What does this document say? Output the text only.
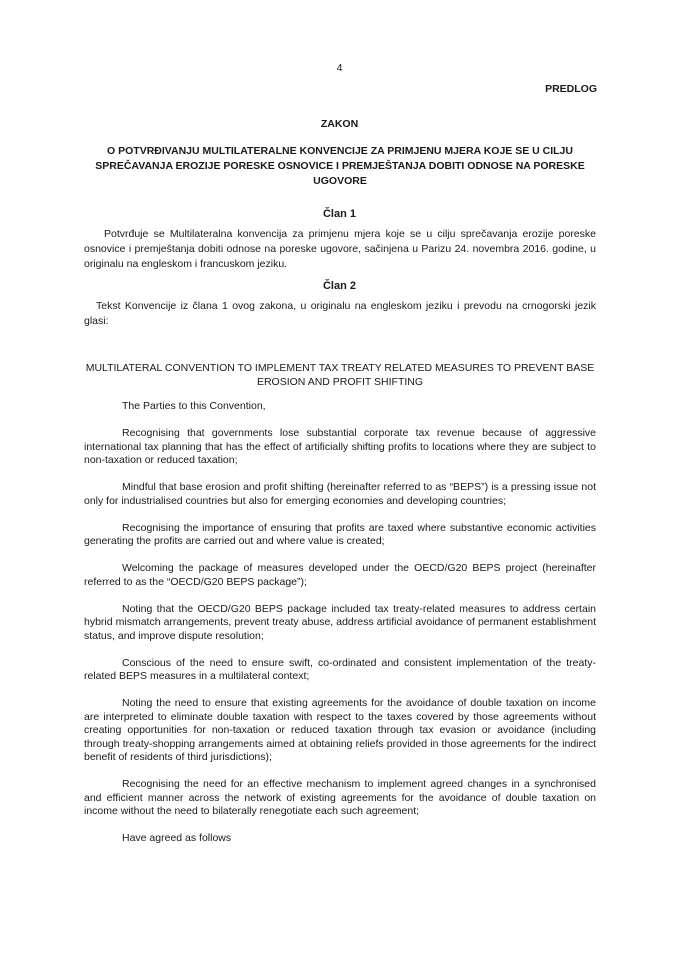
4
PREDLOG
ZAKON
O POTVRĐIVANJU MULTILATERALNE KONVENCIJE ZA PRIMJENU MJERA KOJE SE U CILJU SPREČAVANJA EROZIJE PORESKE OSNOVICE I PREMJEŠTANJA DOBITI ODNOSE NA PORESKE UGOVORE
Član 1
Potvrđuje se Multilateralna konvencija za primjenu mjera koje se u cilju sprečavanja erozije poreske osnovice i premještanja dobiti odnose na poreske ugovore, sačinjena u Parizu 24. novembra 2016. godine, u originalu na engleskom i francuskom jeziku.
Član 2
Tekst Konvencije iz člana 1 ovog zakona, u originalu na engleskom jeziku i prevodu na crnogorski jezik glasi:
MULTILATERAL CONVENTION TO IMPLEMENT TAX TREATY RELATED MEASURES TO PREVENT BASE EROSION AND PROFIT SHIFTING

The Parties to this Convention,

Recognising that governments lose substantial corporate tax revenue because of aggressive international tax planning that has the effect of artificially shifting profits to locations where they are subject to non-taxation or reduced taxation;

Mindful that base erosion and profit shifting (hereinafter referred to as “BEPS”) is a pressing issue not only for industrialised countries but also for emerging economies and developing countries;

Recognising the importance of ensuring that profits are taxed where substantive economic activities generating the profits are carried out and where value is created;

Welcoming the package of measures developed under the OECD/G20 BEPS project (hereinafter referred to as the “OECD/G20 BEPS package”);

Noting that the OECD/G20 BEPS package included tax treaty-related measures to address certain hybrid mismatch arrangements, prevent treaty abuse, address artificial avoidance of permanent establishment status, and improve dispute resolution;

Conscious of the need to ensure swift, co-ordinated and consistent implementation of the treaty-related BEPS measures in a multilateral context;

Noting the need to ensure that existing agreements for the avoidance of double taxation on income are interpreted to eliminate double taxation with respect to the taxes covered by those agreements without creating opportunities for non-taxation or reduced taxation through tax evasion or avoidance (including through treaty-shopping arrangements aimed at obtaining reliefs provided in those agreements for the indirect benefit of residents of third jurisdictions);

Recognising the need for an effective mechanism to implement agreed changes in a synchronised and efficient manner across the network of existing agreements for the avoidance of double taxation on income without the need to bilaterally renegotiate each such agreement;

Have agreed as follows
